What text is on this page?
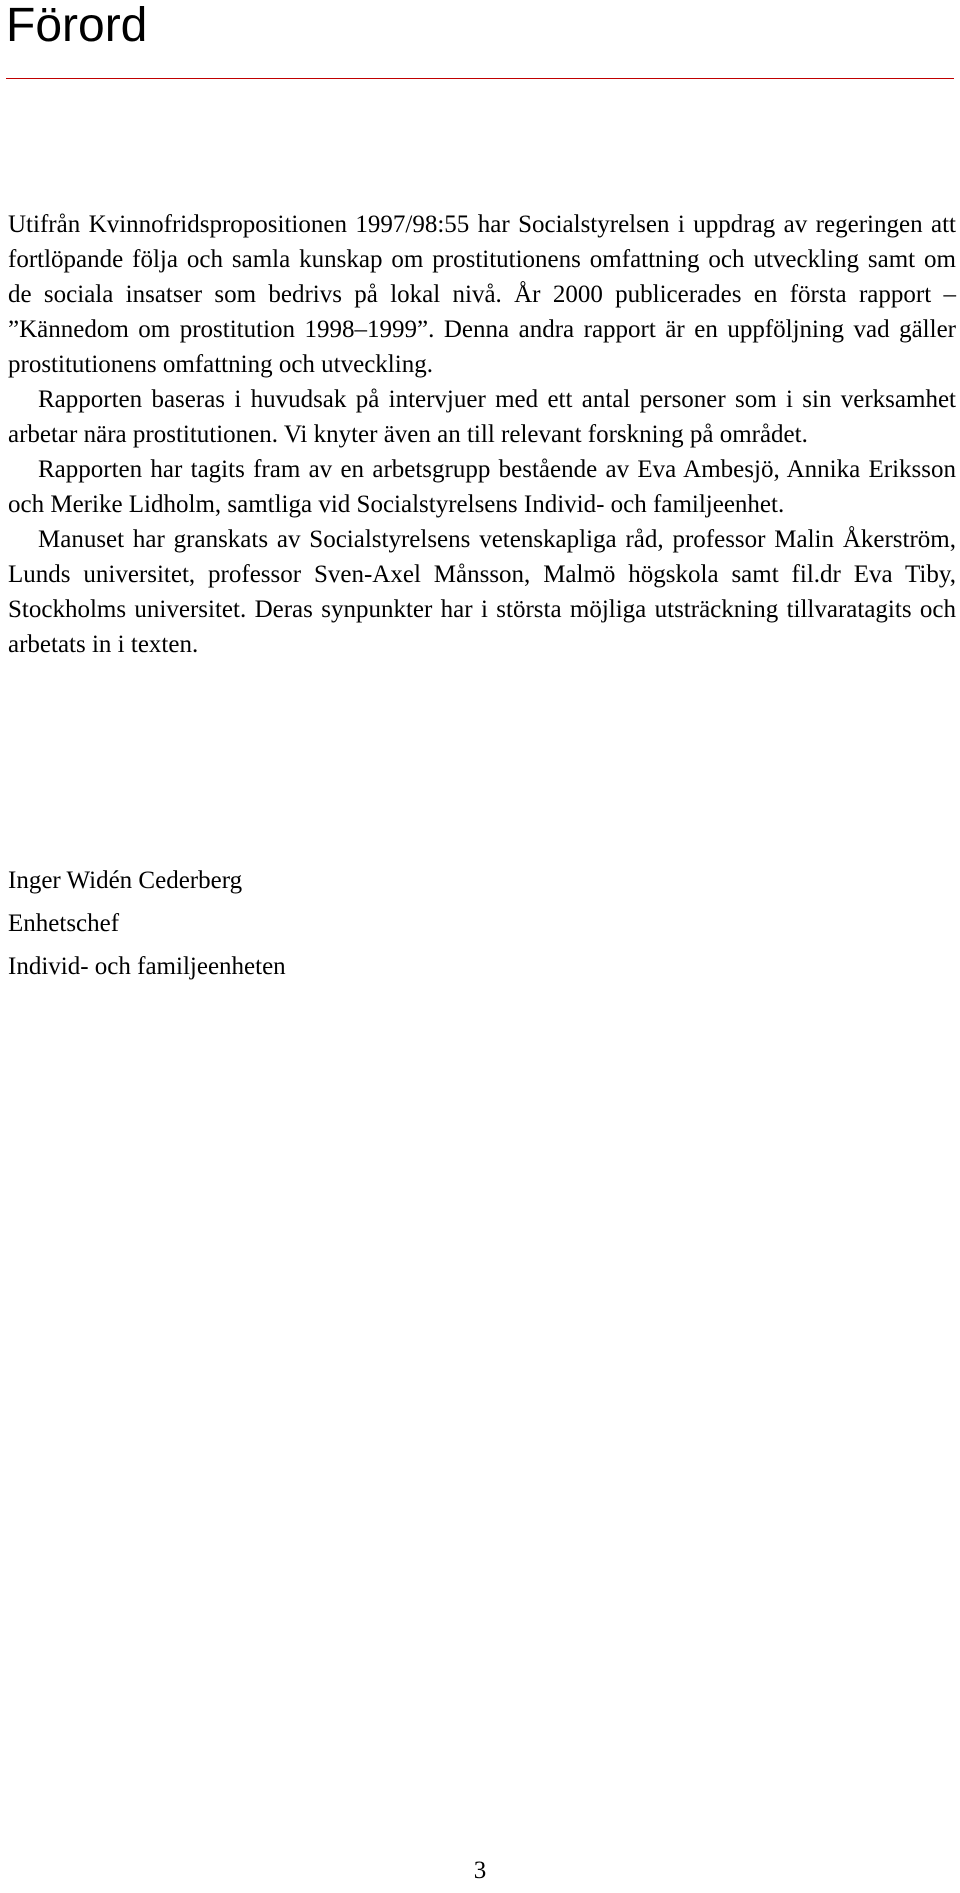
Förord

Utifrån Kvinnofridspropositionen 1997/98:55 har Socialstyrelsen i uppdrag av regeringen att fortlöpande följa och samla kunskap om prostitutionens omfattning och utveckling samt om de sociala insatser som bedrivs på lokal nivå. År 2000 publicerades en första rapport – ”Kännedom om prostitution 1998–1999”. Denna andra rapport är en uppföljning vad gäller prostitutionens omfattning och utveckling.

Rapporten baseras i huvudsak på intervjuer med ett antal personer som i sin verksamhet arbetar nära prostitutionen. Vi knyter även an till relevant forskning på området.

Rapporten har tagits fram av en arbetsgrupp bestående av Eva Ambesjö, Annika Eriksson och Merike Lidholm, samtliga vid Socialstyrelsens Individ- och familjeenhet.

Manuset har granskats av Socialstyrelsens vetenskapliga råd, professor Malin Åkerström, Lunds universitet, professor Sven-Axel Månsson, Malmö högskola samt fil.dr Eva Tiby, Stockholms universitet. Deras synpunkter har i största möjliga utsträckning tillvaratagits och arbetats in i texten.

Inger Widén Cederberg
Enhetschef
Individ- och familjeenheten
3
